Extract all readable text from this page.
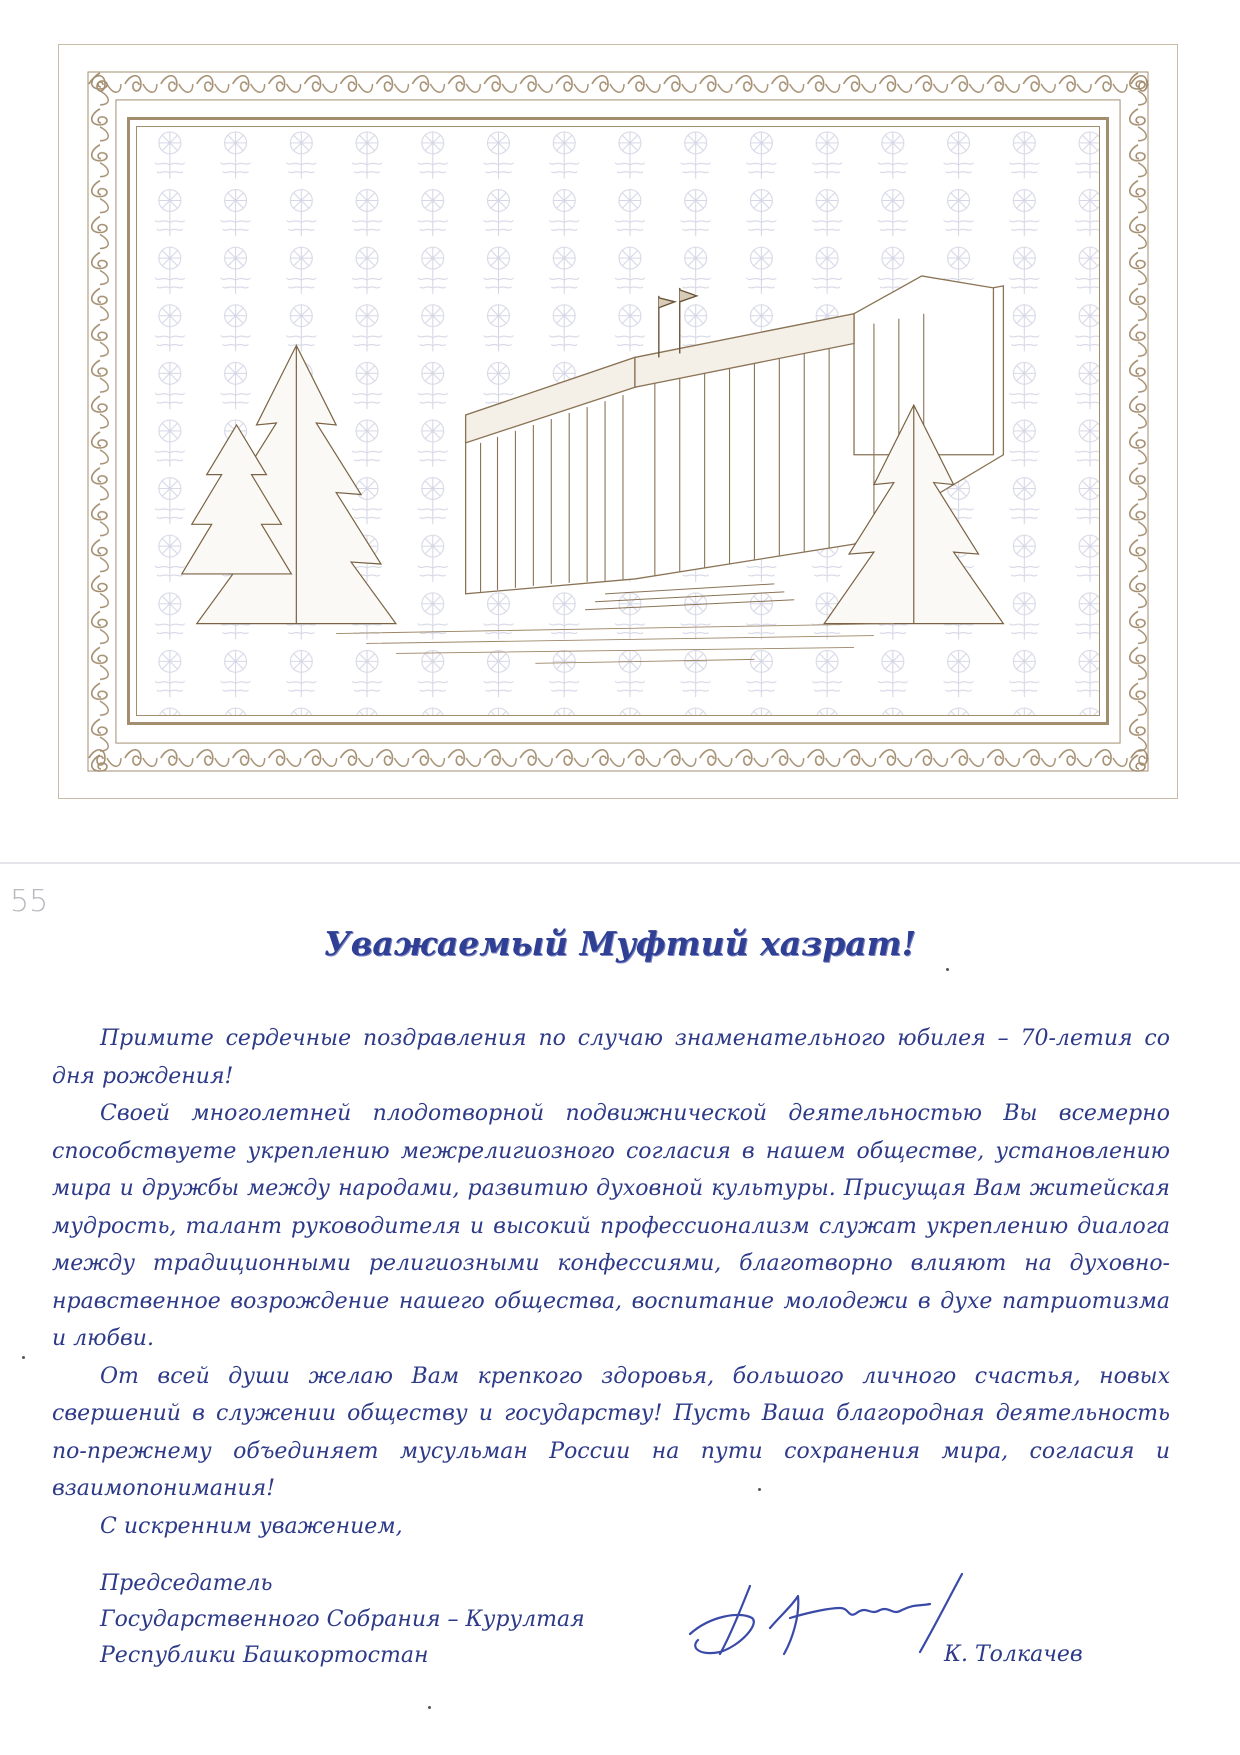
55
Уважаемый Муфтий хазрат!

Примите сердечные поздравления по случаю знаменательного юбилея – 70-летия со дня рождения!

Своей многолетней плодотворной подвижнической деятельностью Вы всемерно способствуете укреплению межрелигиозного согласия в нашем обществе, установлению мира и дружбы между народами, развитию духовной культуры. Присущая Вам житейская мудрость, талант руководителя и высокий профессионализм служат укреплению диалога между традиционными религиозными конфессиями, благотворно влияют на духовно-нравственное возрождение нашего общества, воспитание молодежи в духе патриотизма и любви.

От всей души желаю Вам крепкого здоровья, большого личного счастья, новых свершений в служении обществу и государству! Пусть Ваша благородная деятельность по-прежнему объединяет мусульман России на пути сохранения мира, согласия и взаимопонимания!

С искренним уважением,

Председатель
Государственного Собрания – Курултая
Республики Башкортостан	К. Толкачев
